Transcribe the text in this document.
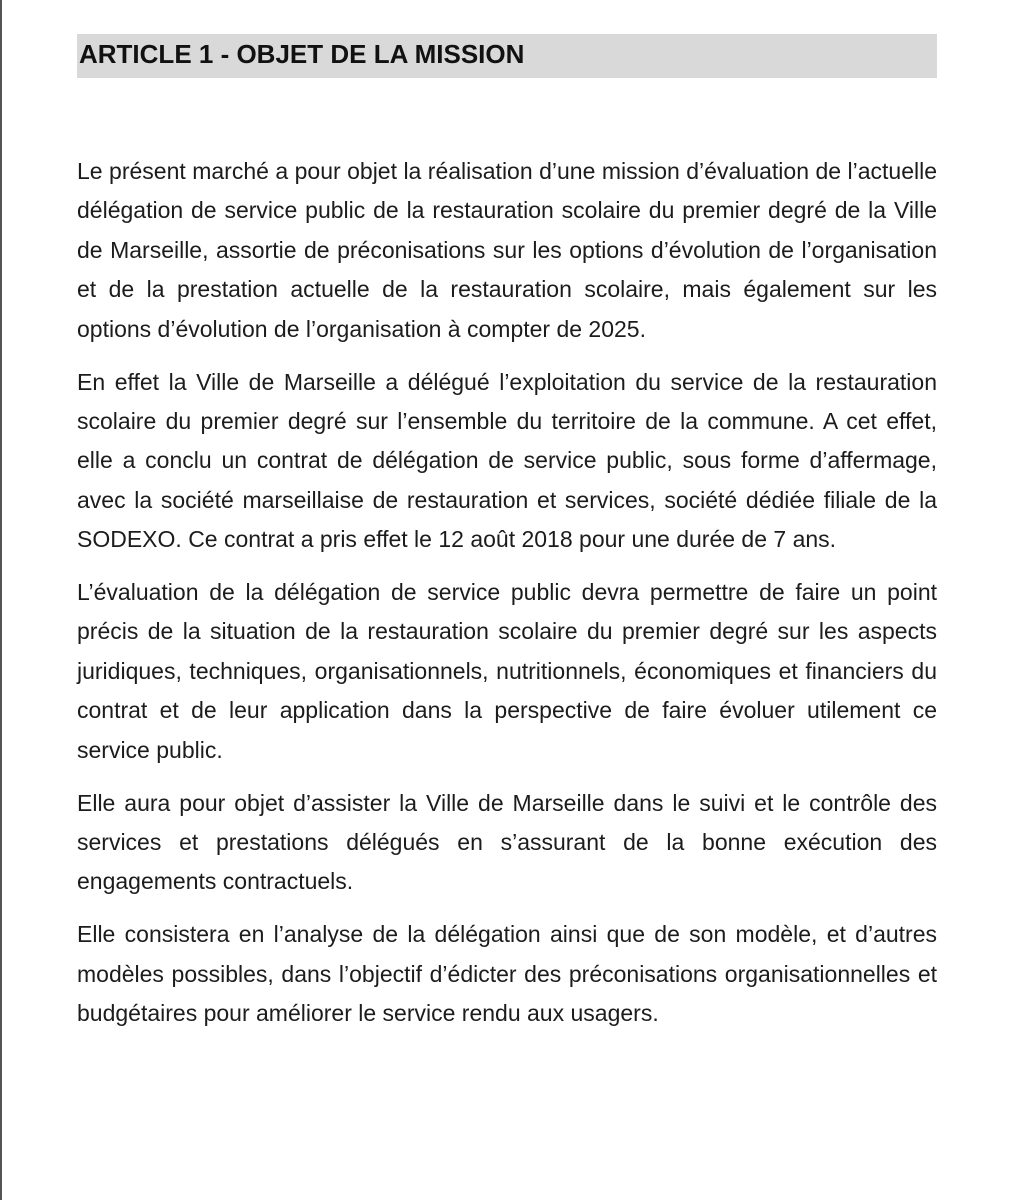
ARTICLE 1 - OBJET DE LA MISSION

Le présent marché a pour objet la réalisation d’une mission d’évaluation de l’actuelle délégation de service public de la restauration scolaire du premier degré de la Ville de Marseille, assortie de préconisations sur les options d’évolution de l’organisation et de la prestation actuelle de la restauration scolaire, mais également sur les options d’évolution de l’organisation à compter de 2025.

En effet la Ville de Marseille a délégué l’exploitation du service de la restauration scolaire du premier degré sur l’ensemble du territoire de la commune. A cet effet, elle a conclu un contrat de délégation de service public, sous forme d’affermage, avec la société marseillaise de restauration et services, société dédiée filiale de la SODEXO. Ce contrat a pris effet le 12 août 2018 pour une durée de 7 ans.

L’évaluation de la délégation de service public devra permettre de faire un point précis de la situation de la restauration scolaire du premier degré sur les aspects juridiques, techniques, organisationnels, nutritionnels, économiques et financiers du contrat et de leur application dans la perspective de faire évoluer utilement ce service public.

Elle aura pour objet d’assister la Ville de Marseille dans le suivi et le contrôle des services et prestations délégués en s’assurant de la bonne exécution des engagements contractuels.

Elle consistera en l’analyse de la délégation ainsi que de son modèle, et d’autres modèles possibles, dans l’objectif d’édicter des préconisations organisationnelles et budgétaires pour améliorer le service rendu aux usagers.
